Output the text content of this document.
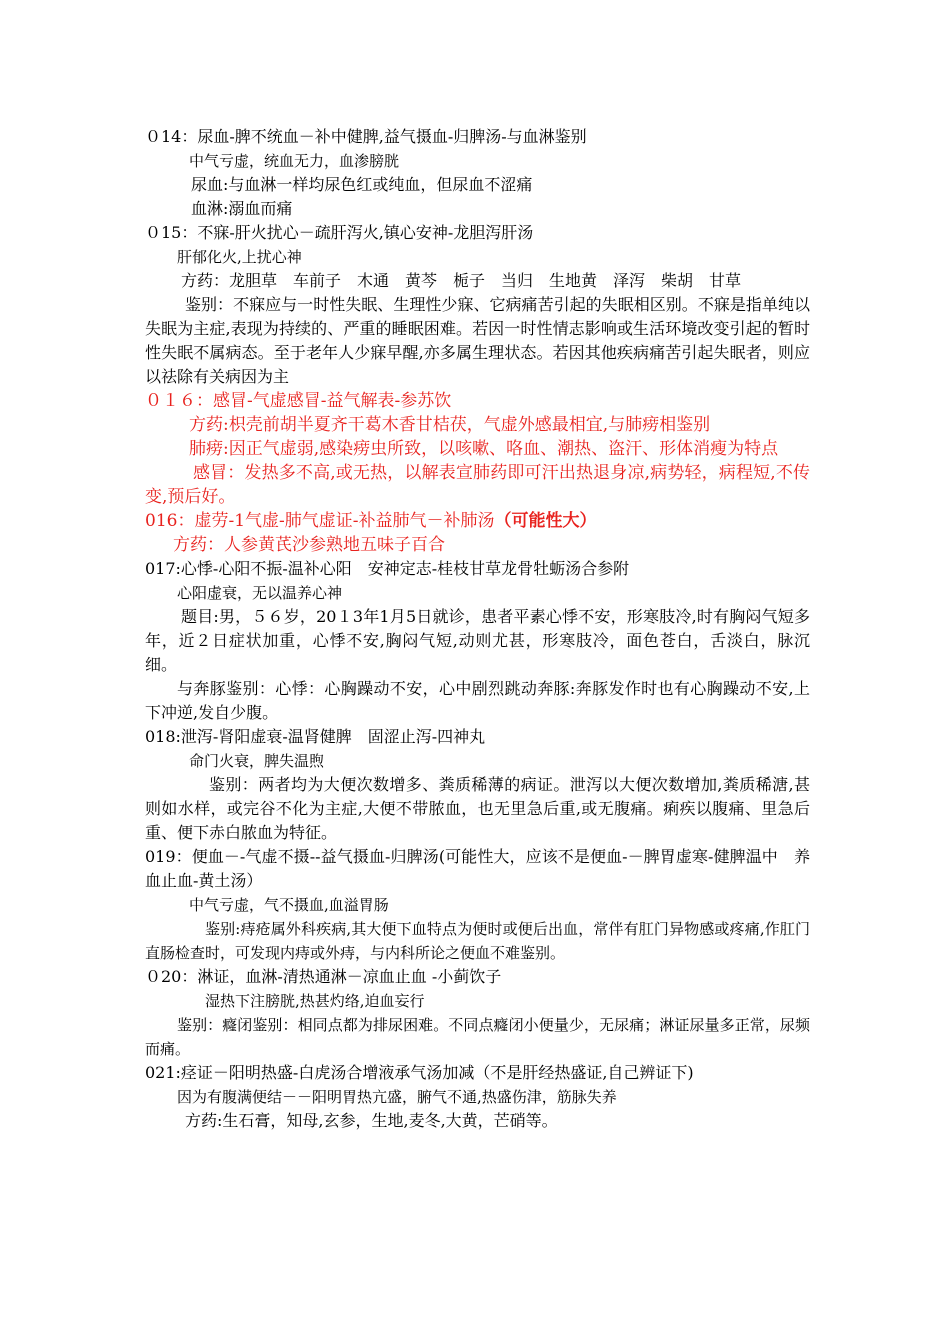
０14：尿血-脾不统血－补中健脾,益气摄血-归脾汤-与血淋鉴别
中气亏虚，统血无力，血渗膀胱
尿血:与血淋一样均尿色红或纯血，但尿血不涩痛
血淋:溺血而痛
０15：不寐-肝火扰心－疏肝泻火,镇心安神-龙胆泻肝汤
肝郁化火,上扰心神
方药：龙胆草　车前子　木通　黄芩　栀子　当归　生地黄　泽泻　柴胡　甘草
鉴别：不寐应与一时性失眠、生理性少寐、它病痛苦引起的失眠相区别。不寐是指单纯以失眠为主症,表现为持续的、严重的睡眠困难。若因一时性情志影响或生活环境改变引起的暂时性失眠不属病态。至于老年人少寐早醒,亦多属生理状态。若因其他疾病痛苦引起失眠者，则应以祛除有关病因为主
０１６：感冒-气虚感冒-益气解表-参苏饮
方药:枳壳前胡半夏齐干葛木香甘桔茯，气虚外感最相宜,与肺痨相鉴别
肺痨:因正气虚弱,感染痨虫所致，以咳嗽、咯血、潮热、盗汗、形体消瘦为特点
感冒：发热多不高,或无热，以解表宣肺药即可汗出热退身凉,病势轻，病程短,不传变,预后好。
016：虚劳-1气虚-肺气虚证-补益肺气－补肺汤（可能性大）
方药：人参黄芪沙参熟地五味子百合
017:心悸-心阳不振-温补心阳　安神定志-桂枝甘草龙骨牡蛎汤合参附
心阳虚衰，无以温养心神
题目:男，５６岁，20１3年1月5日就诊，患者平素心悸不安，形寒肢冷,时有胸闷气短多年，近２日症状加重，心悸不安,胸闷气短,动则尤甚，形寒肢冷，面色苍白，舌淡白，脉沉细。
与奔豚鉴别：心悸：心胸躁动不安，心中剧烈跳动奔豚:奔豚发作时也有心胸躁动不安,上下冲逆,发自少腹。
018:泄泻-肾阳虚衰-温肾健脾　固涩止泻-四神丸
命门火衰，脾失温煦
鉴别：两者均为大便次数增多、粪质稀薄的病证。泄泻以大便次数增加,粪质稀溏,甚则如水样，或完谷不化为主症,大便不带脓血，也无里急后重,或无腹痛。痢疾以腹痛、里急后重、便下赤白脓血为特征。
019：便血－-气虚不摄--益气摄血-归脾汤(可能性大，应该不是便血-－脾胃虚寒-健脾温中　养血止血-黄土汤）
中气亏虚，气不摄血,血溢胃肠
鉴别:痔疮属外科疾病,其大便下血特点为便时或便后出血，常伴有肛门异物感或疼痛,作肛门直肠检查时，可发现内痔或外痔，与内科所论之便血不难鉴别。
０20：淋证，血淋-清热通淋－凉血止血 -小蓟饮子
湿热下注膀胱,热甚灼络,迫血妄行
鉴别：癃闭鉴别：相同点都为排尿困难。不同点癃闭小便量少，无尿痛；淋证尿量多正常，尿频而痛。
021:痉证－阳明热盛-白虎汤合增液承气汤加减（不是肝经热盛证,自己辨证下)
因为有腹满便结－－阳明胃热亢盛，腑气不通,热盛伤津，筋脉失养
方药:生石膏，知母,玄参，生地,麦冬,大黄，芒硝等。
